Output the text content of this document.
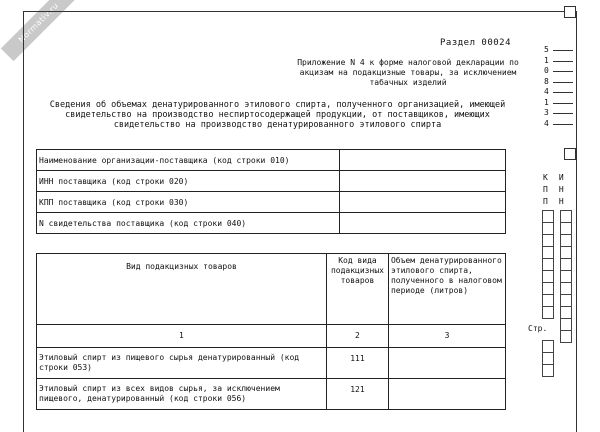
Normativ.ru	Раздел 00024
Приложение N 4 к форме налоговой декларации по акцизам на подакцизные товары, за исключением табачных изделий
Сведения об объемах денатурированного этилового спирта, полученного организацией, имеющей свидетельство на производство неспиртосодержащей продукции, от поставщиков, имеющих свидетельство на производство денатурированного этилового спирта
Наименование организации-поставщика (код строки 010)	
ИНН поставщика (код строки 020)	
КПП поставщика (код строки 030)	
N свидетельства поставщика (код строки 040)	
Вид подакцизных товаров	Код вида подакцизных товаров	Объем денатурированного этилового спирта, полученного в налоговом периоде (литров)
1	2	3
Этиловый спирт из пищевого сырья денатурированный (код строки 053)	111	
Этиловый спирт из всех видов сырья, за исключением пищевого, денатурированный (код строки 056)	121	
5
1
0
8
4
1
3
4
К
П
П
И
Н
Н
Стр.
